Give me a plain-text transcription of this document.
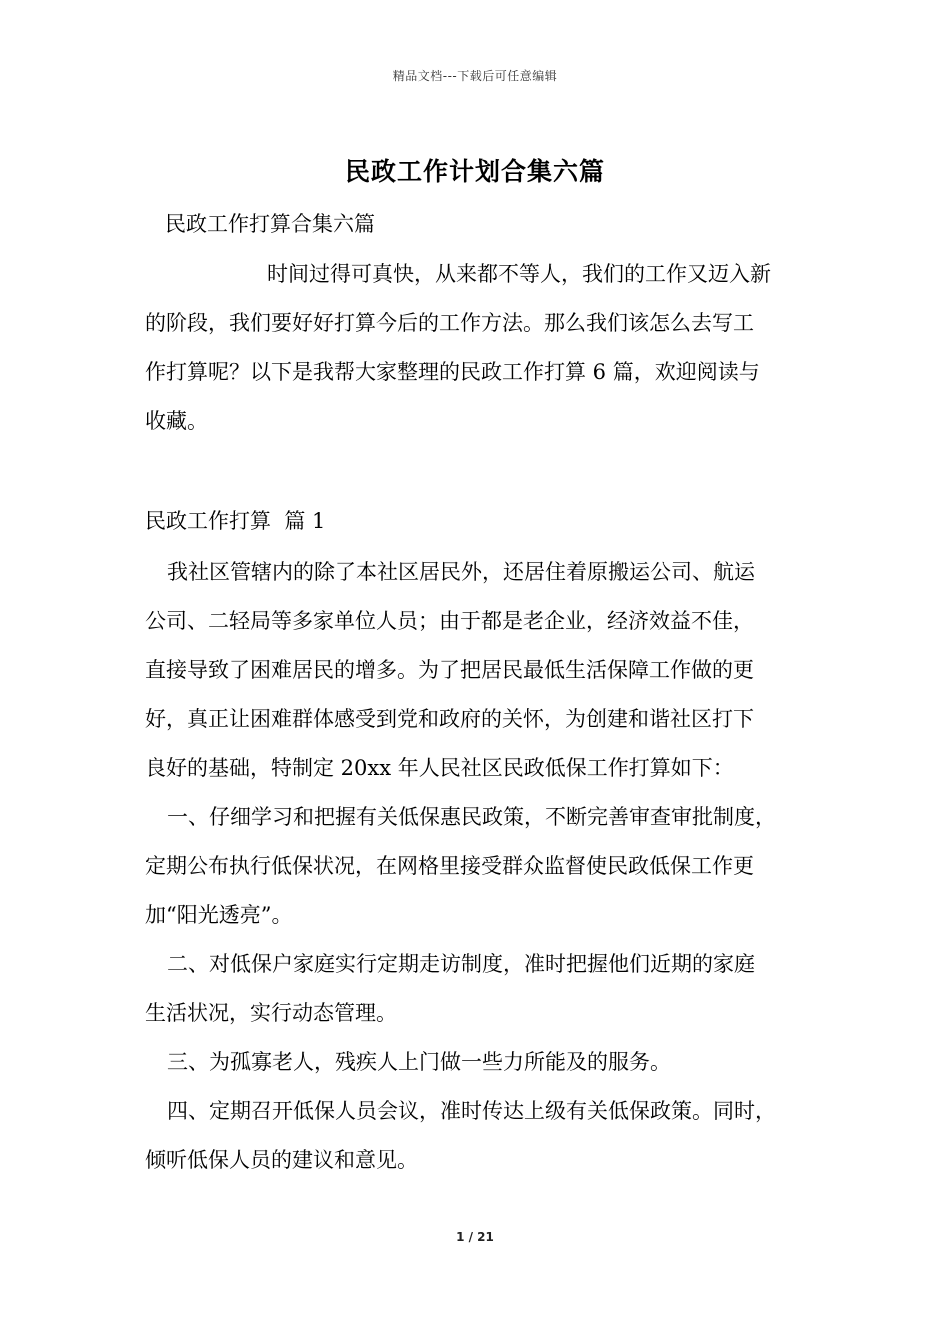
精品文档---下载后可任意编辑
民政工作计划合集六篇
民政工作打算合集六篇
时间过得可真快，从来都不等人，我们的工作又迈入新
的阶段，我们要好好打算今后的工作方法。那么我们该怎么去写工
作打算呢？以下是我帮大家整理的民政工作打算 6 篇，欢迎阅读与
收藏。
民政工作打算  篇 1
我社区管辖内的除了本社区居民外，还居住着原搬运公司、航运
公司、二轻局等多家单位人员；由于都是老企业，经济效益不佳，
直接导致了困难居民的增多。为了把居民最低生活保障工作做的更
好，真正让困难群体感受到党和政府的关怀，为创建和谐社区打下
良好的基础，特制定 20xx 年人民社区民政低保工作打算如下：
一、仔细学习和把握有关低保惠民政策，不断完善审查审批制度，
定期公布执行低保状况，在网格里接受群众监督使民政低保工作更
加“阳光透亮”。
二、对低保户家庭实行定期走访制度，准时把握他们近期的家庭
生活状况，实行动态管理。
三、为孤寡老人，残疾人上门做一些力所能及的服务。
四、定期召开低保人员会议，准时传达上级有关低保政策。同时，
倾听低保人员的建议和意见。
1 / 21
